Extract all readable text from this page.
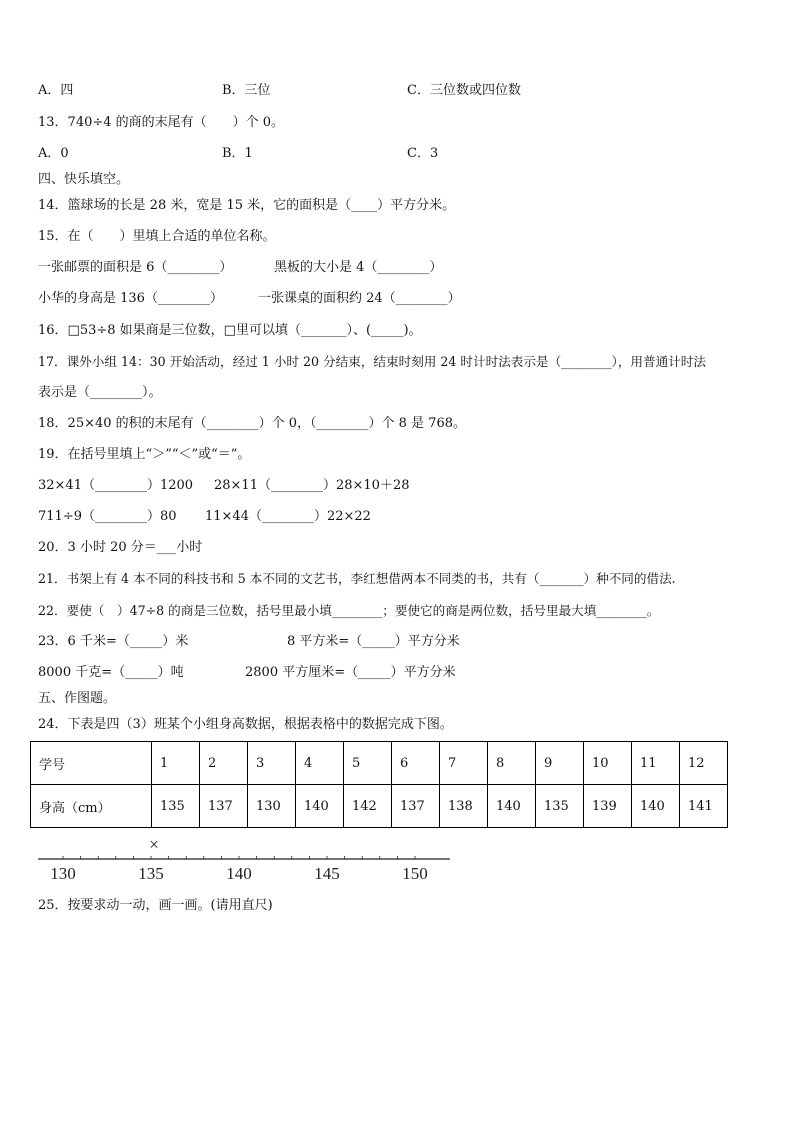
A．四	B．三位	C．三位数或四位数
13．740÷4 的商的末尾有（　　）个 0。
A．0	B．1	C．3
四、快乐填空。
14．篮球场的长是 28 米，宽是 15 米，它的面积是（____）平方分米。
15．在（　　）里填上合适的单位名称。
一张邮票的面积是 6（________）	黑板的大小是 4（________）
小华的身高是 136（________）	一张课桌的面积约 24（________）
16．□53÷8 如果商是三位数，□里可以填（_______）、(_____)。
17．课外小组 14：30 开始活动，经过 1 小时 20 分结束，结束时刻用 24 时计时法表示是（________），用普通计时法
表示是（________）。
18．25×40 的积的末尾有（________）个 0，（________）个 8 是 768。
19．在括号里填上“＞”“＜”或“＝”。
32×41（________）1200 28×11（________）28×10＋28
711÷9（________）80 11×44（________）22×22
20．3 小时 20 分＝___小时
21．书架上有 4 本不同的科技书和 5 本不同的文艺书，李红想借两本不同类的书，共有（_______）种不同的借法.
22．要使（　）47÷8 的商是三位数，括号里最小填________；要使它的商是两位数，括号里最大填________。
23．6 千米=（_____）米	8 平方米=（_____）平方分米
8000 千克=（_____）吨	2800 平方厘米=（_____）平方分米
五、作图题。
24．下表是四（3）班某个小组身高数据，根据表格中的数据完成下图。
学号	1	2	3	4	5	6	7	8	9	10	11	12
身高（cm）	135	137	130	140	142	137	138	140	135	139	140	141
130	135	140	145	150
×
25．按要求动一动，画一画。(请用直尺)
